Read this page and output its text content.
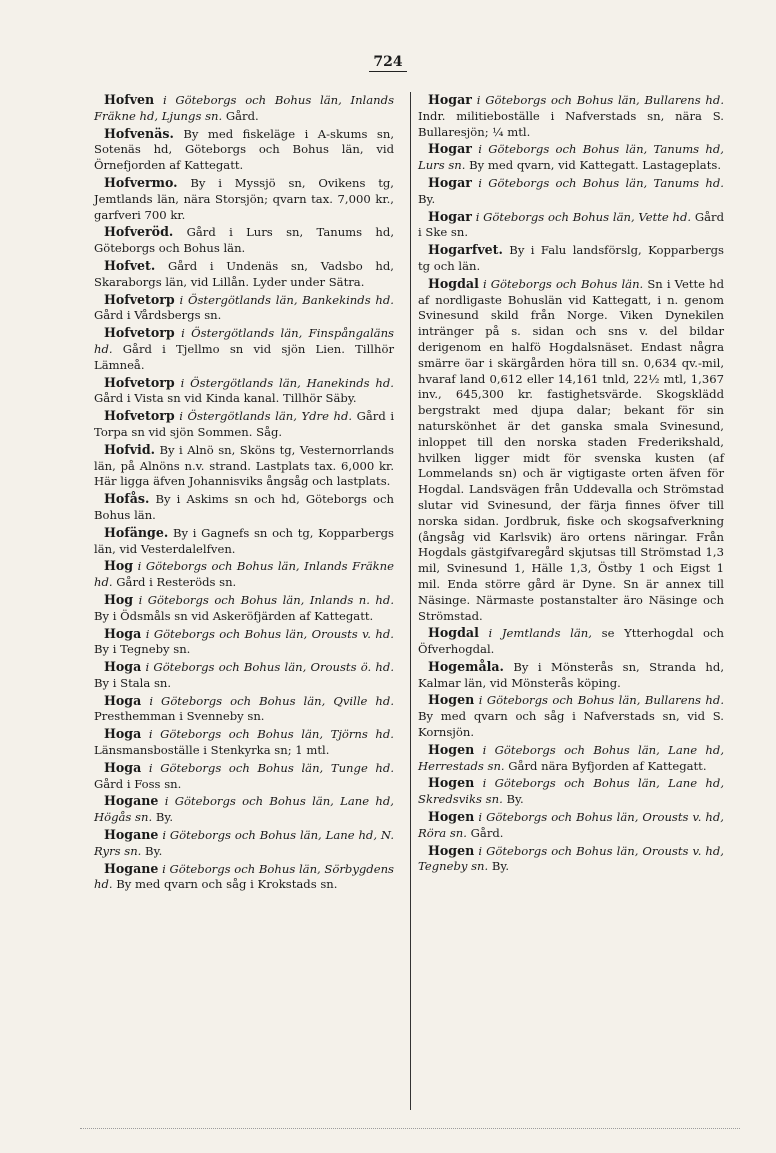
724

Hofven i Göteborgs och Bohus län, Inlands Fräkne hd, Ljungs sn. Gård.

Hofvenäs. By med fiskeläge i A-skums sn, Sotenäs hd, Göteborgs och Bohus län, vid Örnefjorden af Kattegatt.

Hofvermo. By i Myssjö sn, Ovikens tg, Jemtlands län, nära Storsjön; qvarn tax. 7,000 kr., garfveri 700 kr.

Hofveröd. Gård i Lurs sn, Tanums hd, Göteborgs och Bohus län.

Hofvet. Gård i Undenäs sn, Vadsbo hd, Skaraborgs län, vid Lillån. Lyder under Sätra.

Hofvetorp i Östergötlands län, Bankekinds hd. Gård i Vårdsbergs sn.

Hofvetorp i Östergötlands län, Finspångaläns hd. Gård i Tjellmo sn vid sjön Lien. Tillhör Lämneå.

Hofvetorp i Östergötlands län, Hanekinds hd. Gård i Vista sn vid Kinda kanal. Tillhör Säby.

Hofvetorp i Östergötlands län, Ydre hd. Gård i Torpa sn vid sjön Sommen. Såg.

Hofvid. By i Alnö sn, Sköns tg, Vesternorrlands län, på Alnöns n.v. strand. Lastplats tax. 6,000 kr. Här ligga äfven Johannisviks ångsåg och lastplats.

Hofås. By i Askims sn och hd, Göteborgs och Bohus län.

Hofänge. By i Gagnefs sn och tg, Kopparbergs län, vid Vesterdalelfven.

Hog i Göteborgs och Bohus län, Inlands Fräkne hd. Gård i Resteröds sn.

Hog i Göteborgs och Bohus län, Inlands n. hd. By i Ödsmåls sn vid Askeröfjärden af Kattegatt.

Hoga i Göteborgs och Bohus län, Orousts v. hd. By i Tegneby sn.

Hoga i Göteborgs och Bohus län, Orousts ö. hd. By i Stala sn.

Hoga i Göteborgs och Bohus län, Qville hd. Presthemman i Svenneby sn.

Hoga i Göteborgs och Bohus län, Tjörns hd. Länsmansboställe i Stenkyrka sn; 1 mtl.

Hoga i Göteborgs och Bohus län, Tunge hd. Gård i Foss sn.

Hogane i Göteborgs och Bohus län, Lane hd, Högås sn. By.

Hogane i Göteborgs och Bohus län, Lane hd, N. Ryrs sn. By.

Hogane i Göteborgs och Bohus län, Sörbygdens hd. By med qvarn och såg i Krokstads sn.

Hogar i Göteborgs och Bohus län, Bullarens hd. Indr. militieboställe i Nafverstads sn, nära S. Bullaresjön; ¼ mtl.

Hogar i Göteborgs och Bohus län, Tanums hd, Lurs sn. By med qvarn, vid Kattegatt. Lastageplats.

Hogar i Göteborgs och Bohus län, Tanums hd. By.

Hogar i Göteborgs och Bohus län, Vette hd. Gård i Ske sn.

Hogarfvet. By i Falu landsförslg, Kopparbergs tg och län.

Hogdal i Göteborgs och Bohus län. Sn i Vette hd af nordligaste Bohuslän vid Kattegatt, i n. genom Svinesund skild från Norge. Viken Dynekilen intränger på s. sidan och sns v. del bildar derigenom en halfö Hogdalsnäset. Endast några smärre öar i skärgården höra till sn. 0,634 qv.-mil, hvaraf land 0,612 eller 14,161 tnld, 22½ mtl, 1,367 inv., 645,300 kr. fastighetsvärde. Skogsklädd bergstrakt med djupa dalar; bekant för sin naturskönhet är det ganska smala Svinesund, inloppet till den norska staden Frederikshald, hvilken ligger midt för svenska kusten (af Lommelands sn) och är vigtigaste orten äfven för Hogdal. Landsvägen från Uddevalla och Strömstad slutar vid Svinesund, der färja finnes öfver till norska sidan. Jordbruk, fiske och skogsafverkning (ångsåg vid Karlsvik) äro ortens näringar. Från Hogdals gästgifvaregård skjutsas till Strömstad 1,3 mil, Svinesund 1, Hälle 1,3, Östby 1 och Eigst 1 mil. Enda större gård är Dyne. Sn är annex till Näsinge. Närmaste postanstalter äro Näsinge och Strömstad.

Hogdal i Jemtlands län, se Ytterhogdal och Öfverhogdal.

Hogemåla. By i Mönsterås sn, Stranda hd, Kalmar län, vid Mönsterås köping.

Hogen i Göteborgs och Bohus län, Bullarens hd. By med qvarn och såg i Nafverstads sn, vid S. Kornsjön.

Hogen i Göteborgs och Bohus län, Lane hd, Herrestads sn. Gård nära Byfjorden af Kattegatt.

Hogen i Göteborgs och Bohus län, Lane hd, Skredsviks sn. By.

Hogen i Göteborgs och Bohus län, Orousts v. hd, Röra sn. Gård.

Hogen i Göteborgs och Bohus län, Orousts v. hd, Tegneby sn. By.
